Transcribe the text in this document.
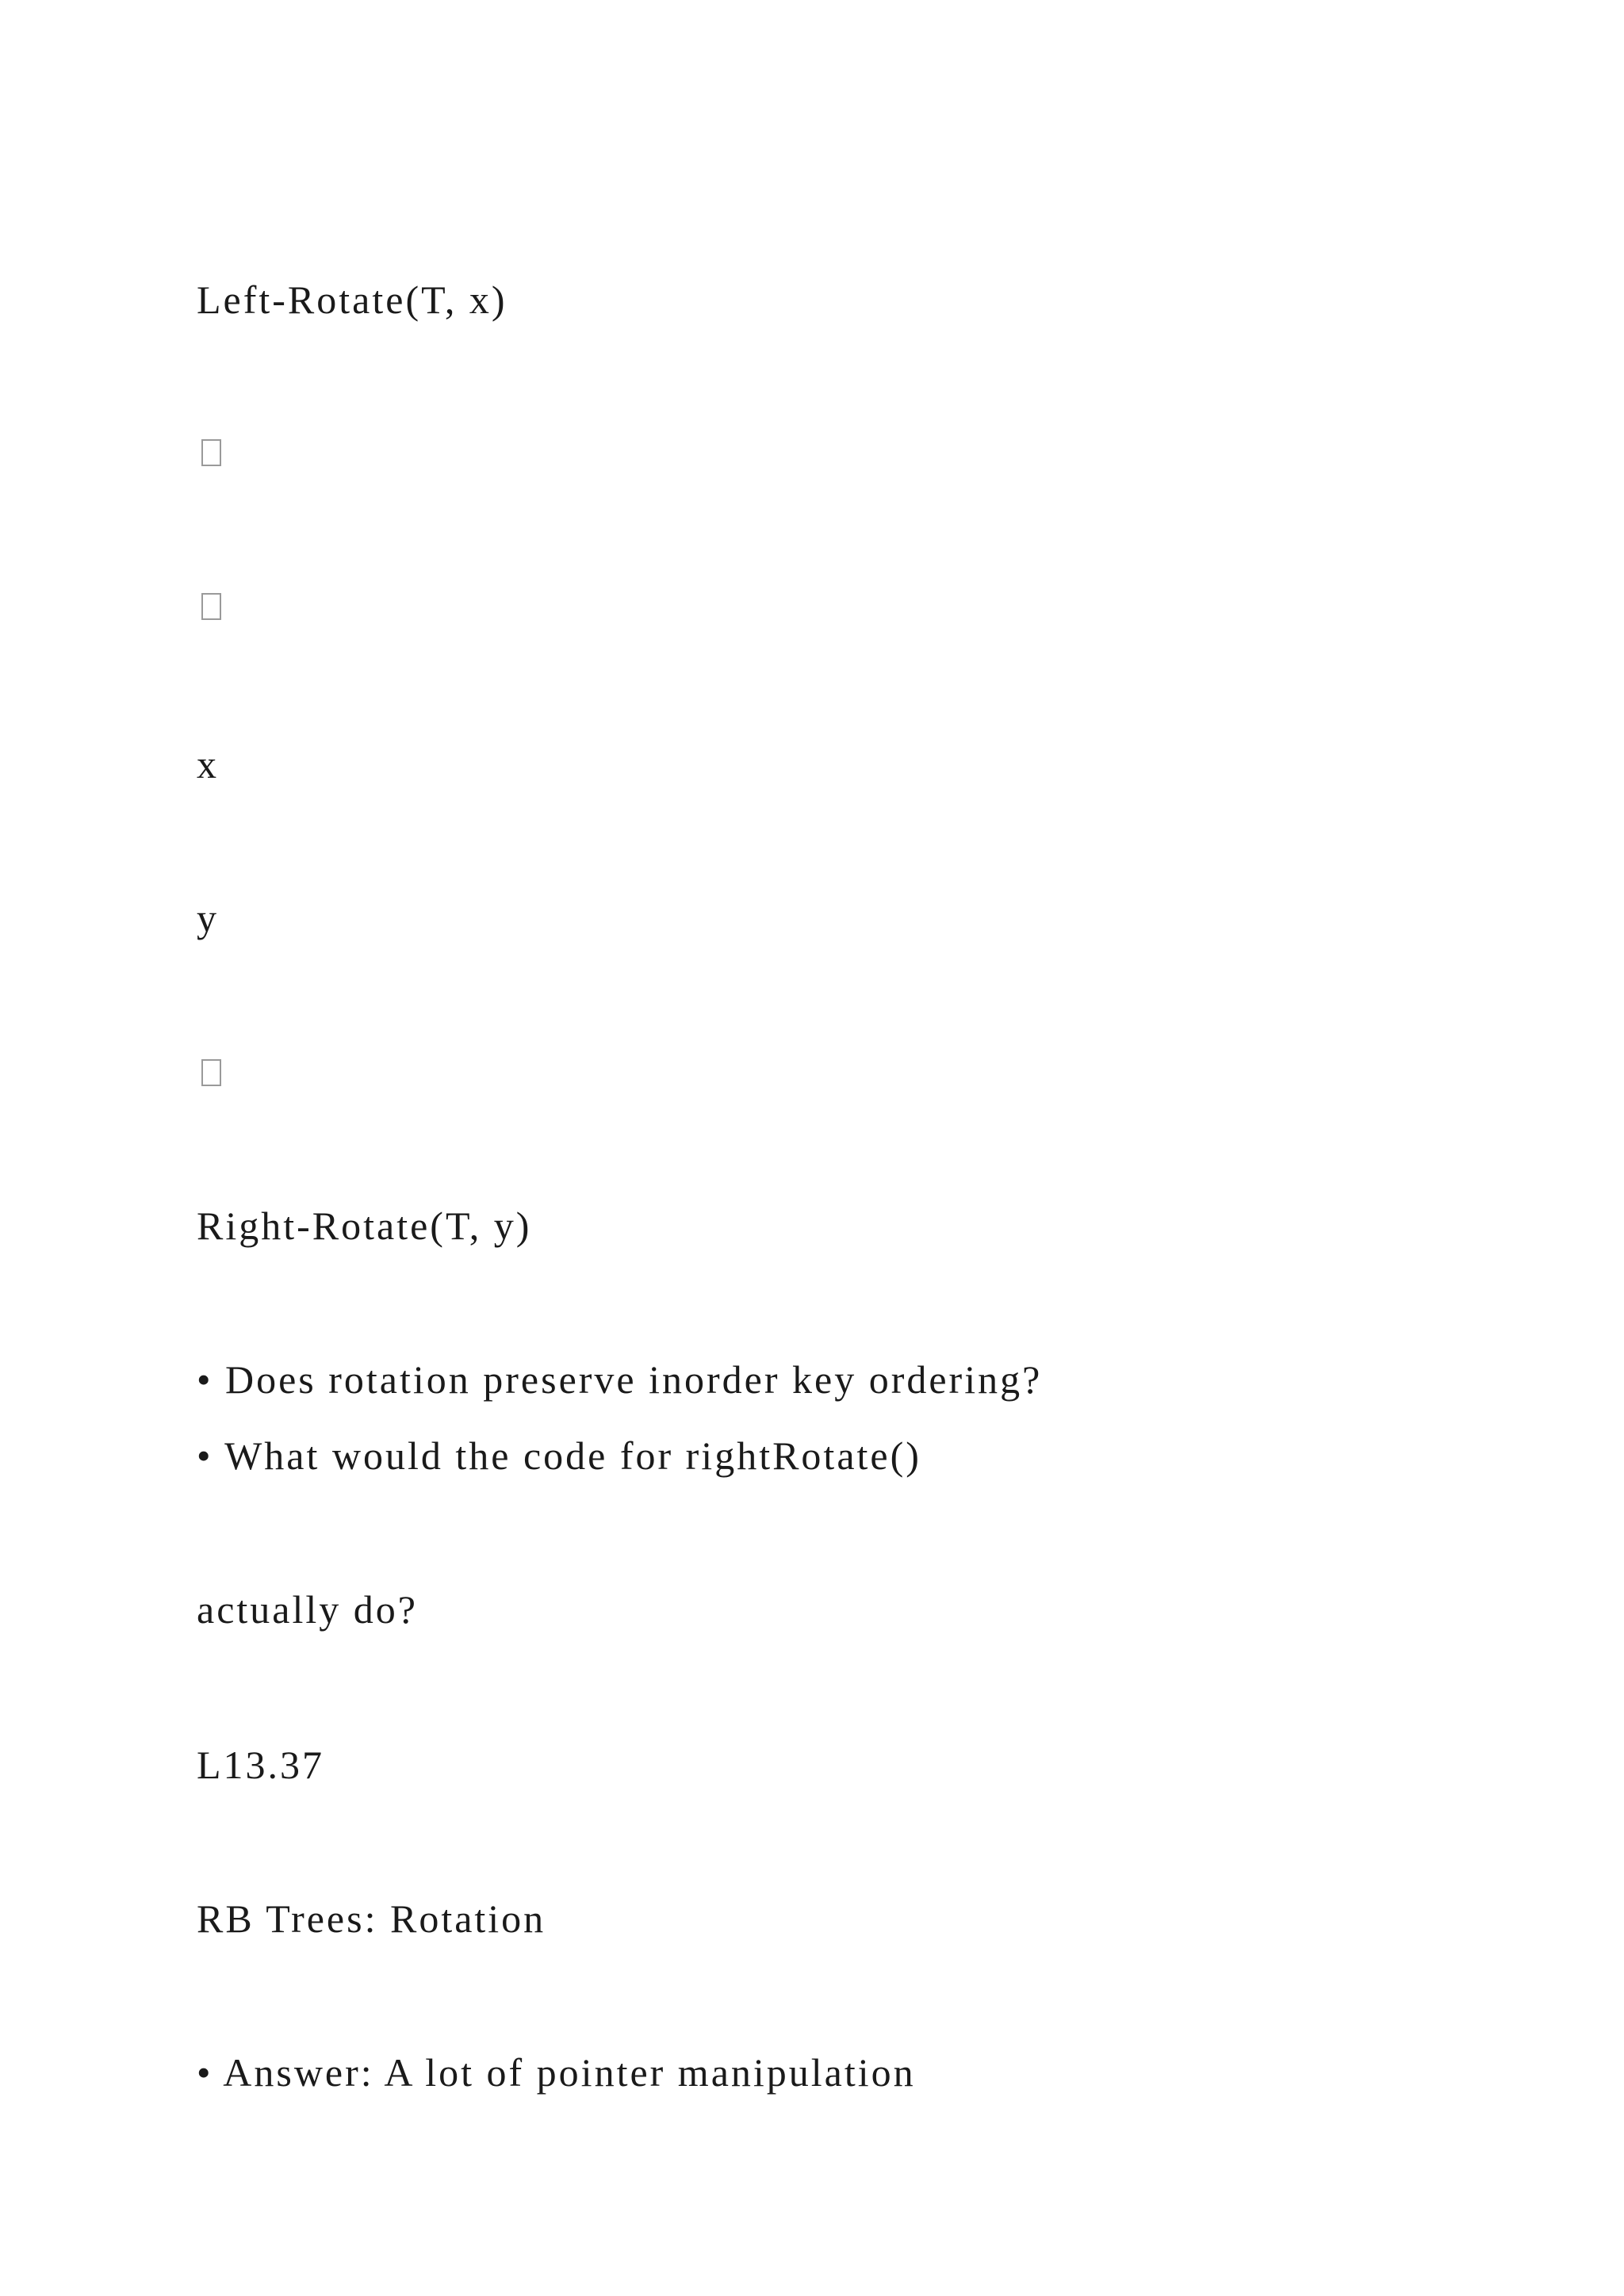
Left-Rotate(T, x)
x
y
Right-Rotate(T, y)
• Does rotation preserve inorder key ordering?
• What would the code for rightRotate()
actually do?
L13.37
RB Trees: Rotation
• Answer: A lot of pointer manipulation
